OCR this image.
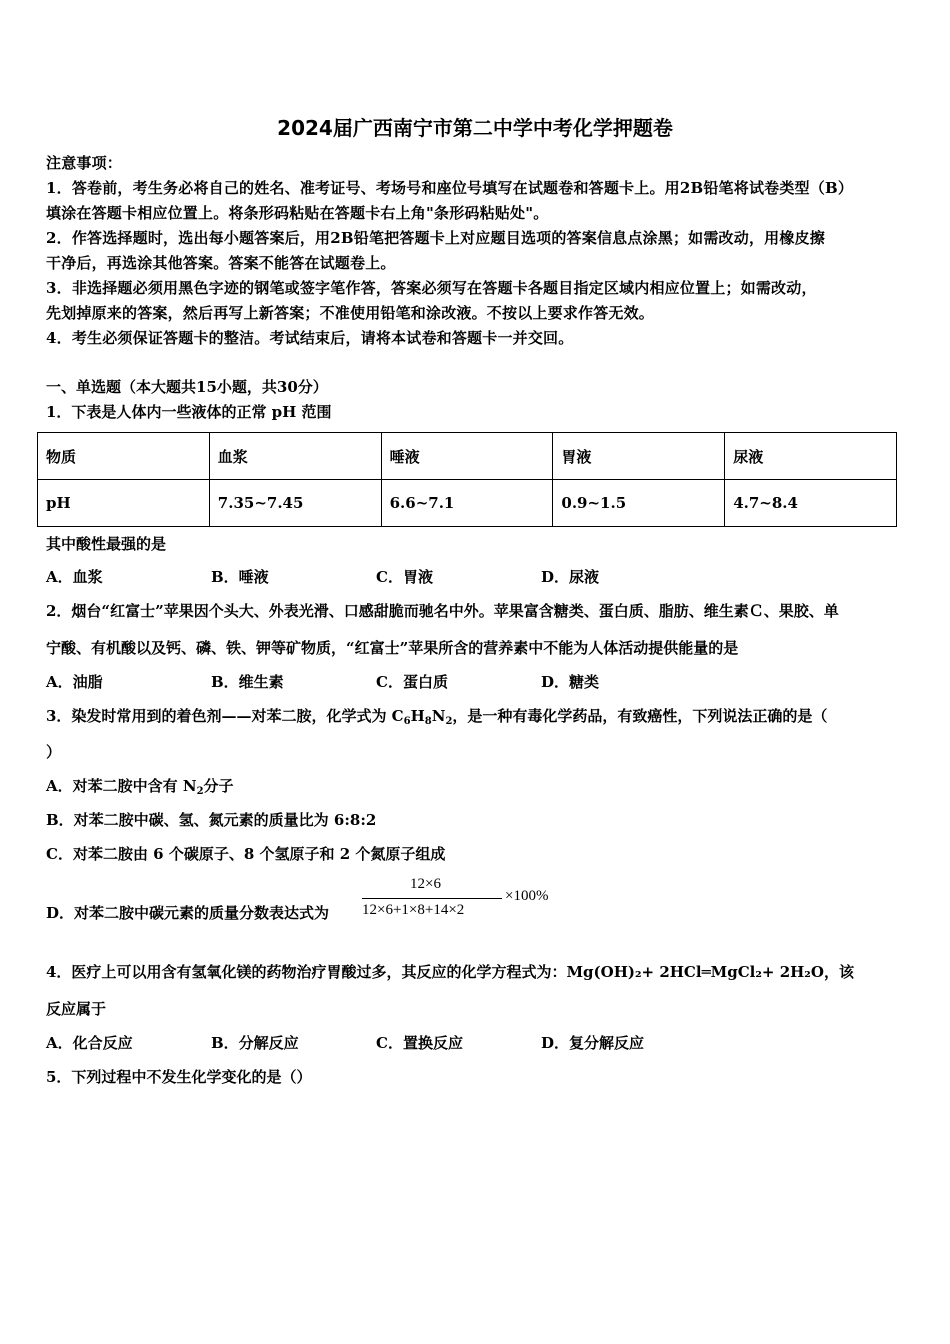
2024届广西南宁市第二中学中考化学押题卷
注意事项：
1．答卷前，考生务必将自己的姓名、准考证号、考场号和座位号填写在试题卷和答题卡上。用2B铅笔将试卷类型（B）
填涂在答题卡相应位置上。将条形码粘贴在答题卡右上角"条形码粘贴处"。
2．作答选择题时，选出每小题答案后，用2B铅笔把答题卡上对应题目选项的答案信息点涂黑；如需改动，用橡皮擦
干净后，再选涂其他答案。答案不能答在试题卷上。
3．非选择题必须用黑色字迹的钢笔或签字笔作答，答案必须写在答题卡各题目指定区域内相应位置上；如需改动，
先划掉原来的答案，然后再写上新答案；不准使用铅笔和涂改液。不按以上要求作答无效。
4．考生必须保证答题卡的整洁。考试结束后，请将本试卷和答题卡一并交回。
一、单选题（本大题共15小题，共30分）
1．下表是人体内一些液体的正常 pH 范围
物质	血浆	唾液	胃液	尿液
pH	7.35~7.45	6.6~7.1	0.9~1.5	4.7~8.4
其中酸性最强的是
A．血浆	B．唾液	C．胃液	D．尿液
2．烟台“红富士”苹果因个头大、外表光滑、口感甜脆而驰名中外。苹果富含糖类、蛋白质、脂肪、维生素Ｃ、果胶、单
宁酸、有机酸以及钙、磷、铁、钾等矿物质，“红富士”苹果所含的营养素中不能为人体活动提供能量的是
A．油脂	B．维生素	C．蛋白质	D．糖类
3．染发时常用到的着色剂——对苯二胺，化学式为 $C_6H_8N_2$，是一种有毒化学药品，有致癌性，下列说法正确的是（
）
A．对苯二胺中含有 $N_2$分子
B．对苯二胺中碳、氢、氮元素的质量比为 6:8:2
C．对苯二胺由 6 个碳原子、8 个氢原子和 2 个氮原子组成
D．对苯二胺中碳元素的质量分数表达式为
12×6
12×6+1×8+14×2
×100%
4．医疗上可以用含有氢氧化镁的药物治疗胃酸过多，其反应的化学方程式为：Mg(OH)₂+ 2HCl═MgCl₂+ 2H₂O，该
反应属于
A．化合反应	B．分解反应	C．置换反应	D．复分解反应
5．下列过程中不发生化学变化的是（）
